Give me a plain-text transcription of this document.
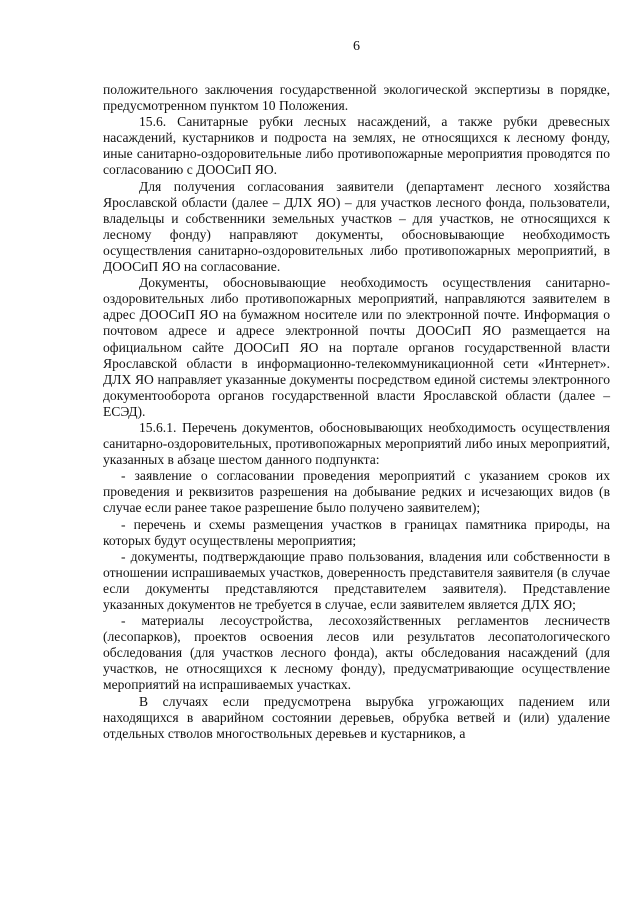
6

положительного заключения государственной экологической экспертизы в порядке, предусмотренном пунктом 10 Положения.

15.6. Санитарные рубки лесных насаждений, а также рубки древесных насаждений, кустарников и подроста на землях, не относящихся к лесному фонду, иные санитарно-оздоровительные либо противопожарные мероприятия проводятся по согласованию с ДООСиП ЯО.

Для получения согласования заявители (департамент лесного хозяйства Ярославской области (далее – ДЛХ ЯО) – для участков лесного фонда, пользователи, владельцы и собственники земельных участков – для участков, не относящихся к лесному фонду) направляют документы, обосновывающие необходимость осуществления санитарно-оздоровительных либо противопожарных мероприятий, в ДООСиП ЯО на согласование.

Документы, обосновывающие необходимость осуществления санитарно-оздоровительных либо противопожарных мероприятий, направляются заявителем в адрес ДООСиП ЯО на бумажном носителе или по электронной почте. Информация о почтовом адресе и адресе электронной почты ДООСиП ЯО размещается на официальном сайте ДООСиП ЯО на портале органов государственной власти Ярославской области в информационно-телекоммуникационной сети «Интернет». ДЛХ ЯО направляет указанные документы посредством единой системы электронного документооборота органов государственной власти Ярославской области (далее – ЕСЭД).

15.6.1. Перечень документов, обосновывающих необходимость осуществления санитарно-оздоровительных, противопожарных мероприятий либо иных мероприятий, указанных в абзаце шестом данного подпункта:

- заявление о согласовании проведения мероприятий с указанием сроков их проведения и реквизитов разрешения на добывание редких и исчезающих видов (в случае если ранее такое разрешение было получено заявителем);

- перечень и схемы размещения участков в границах памятника природы, на которых будут осуществлены мероприятия;

- документы, подтверждающие право пользования, владения или собственности в отношении испрашиваемых участков, доверенность представителя заявителя (в случае если документы представляются представителем заявителя). Представление указанных документов не требуется в случае, если заявителем является ДЛХ ЯО;

- материалы лесоустройства, лесохозяйственных регламентов лесничеств (лесопарков), проектов освоения лесов или результатов лесопатологического обследования (для участков лесного фонда), акты обследования насаждений (для участков, не относящихся к лесному фонду), предусматривающие осуществление мероприятий на испрашиваемых участках.

В случаях если предусмотрена вырубка угрожающих падением или находящихся в аварийном состоянии деревьев, обрубка ветвей и (или) удаление отдельных стволов многоствольных деревьев и кустарников, а
